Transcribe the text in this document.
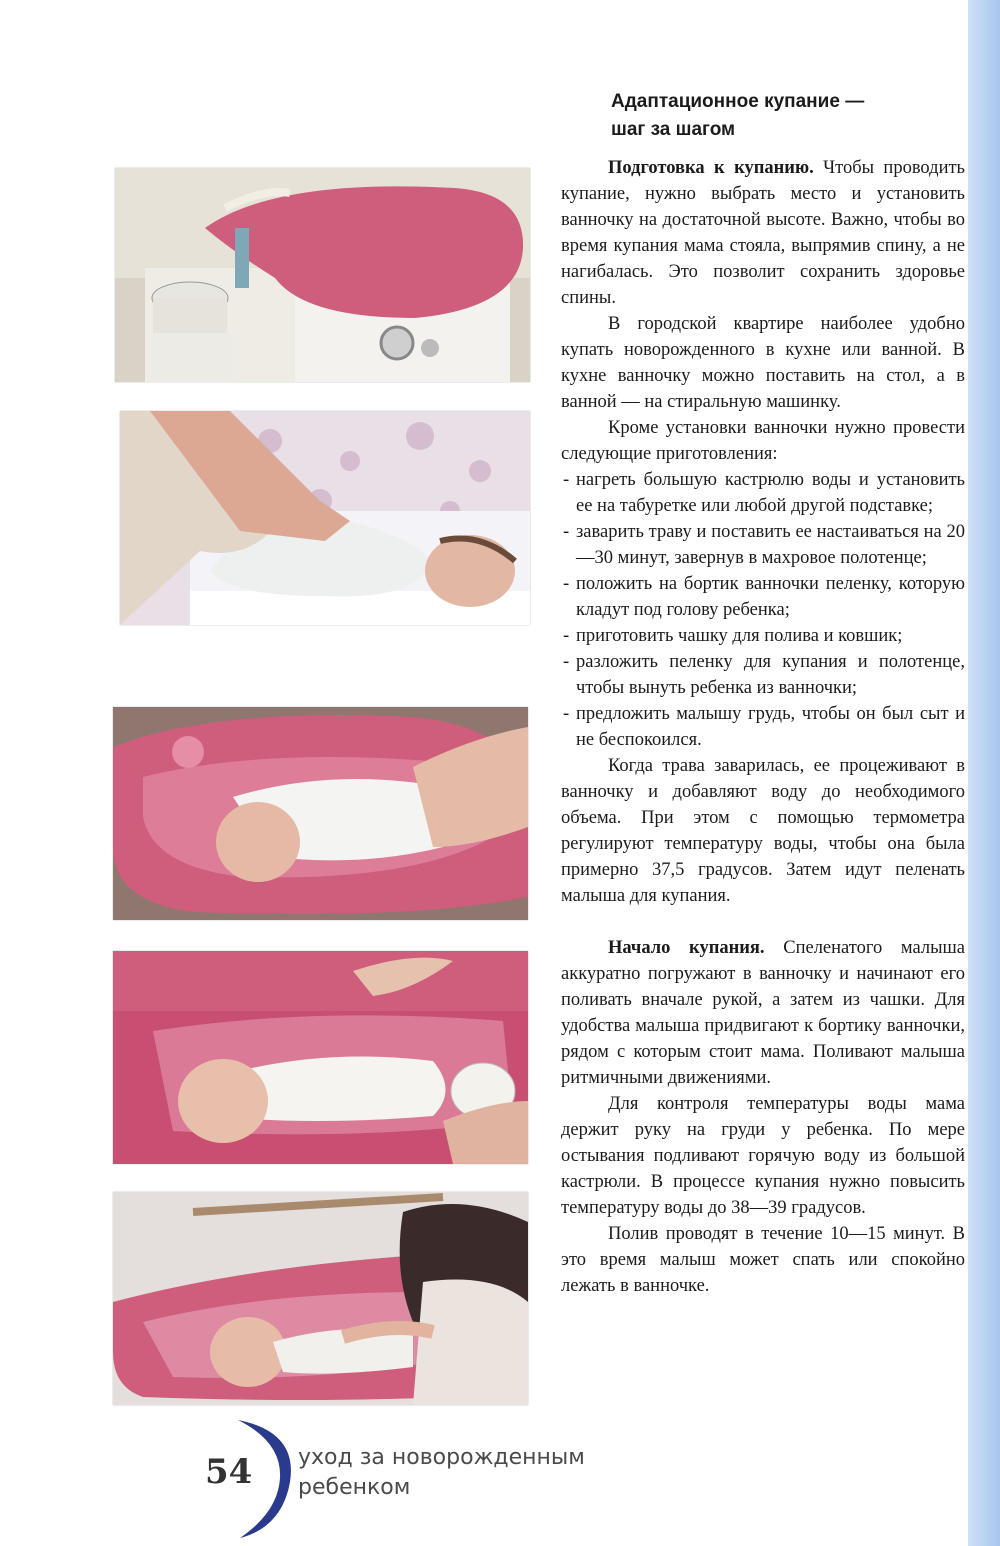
Адаптационное купание —
шаг за шагом

Подготовка к купанию. Чтобы проводить купание, нужно выбрать место и установить ванночку на достаточной высоте. Важно, чтобы во время купания мама стояла, выпрямив спину, а не нагибалась. Это позволит сохранить здоровье спины.

В городской квартире наиболее удобно купать новорожденного в кухне или ванной. В кухне ванночку можно поставить на стол, а в ванной — на стиральную машинку.

Кроме установки ванночки нужно провести следующие приготовления:

- нагреть большую кастрюлю воды и установить ее на табуретке или любой другой подставке;
- заварить траву и поставить ее настаиваться на 20—30 минут, завернув в махровое полотенце;
- положить на бортик ванночки пеленку, которую кладут под голову ребенка;
- приготовить чашку для полива и ковшик;
- разложить пеленку для купания и полотенце, чтобы вынуть ребенка из ванночки;
- предложить малышу грудь, чтобы он был сыт и не беспокоился.

Когда трава заварилась, ее процеживают в ванночку и добавляют воду до необходимого объема. При этом с помощью термометра регулируют температуру воды, чтобы она была примерно 37,5 градусов. Затем идут пеленать малыша для купания.

Начало купания. Спеленатого малыша аккуратно погружают в ванночку и начинают его поливать вначале рукой, а затем из чашки. Для удобства малыша придвигают к бортику ванночки, рядом с которым стоит мама. Поливают малыша ритмичными движениями.

Для контроля температуры воды мама держит руку на груди у ребенка. По мере остывания подливают горячую воду из большой кастрюли. В процессе купания нужно повысить температуру воды до 38—39 градусов.

Полив проводят в течение 10—15 минут. В это время малыш может спать или спокойно лежать в ванночке.

54 уход за новорожденным
ребенком
